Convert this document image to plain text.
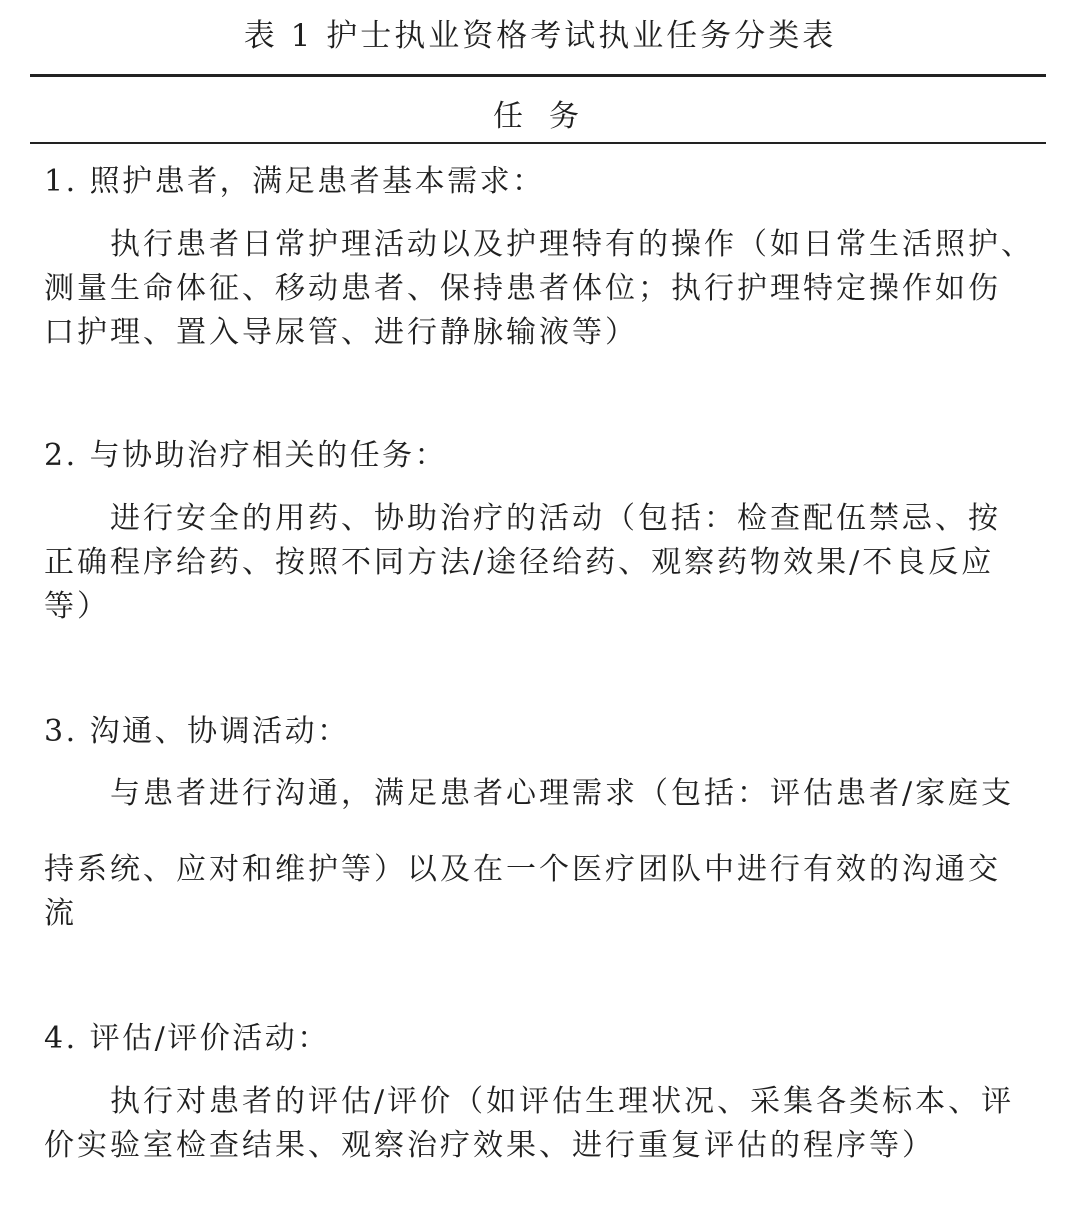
表 1 护士执业资格考试执业任务分类表
任务
1. 照护患者，满足患者基本需求：
执行患者日常护理活动以及护理特有的操作（如日常生活照护、
测量生命体征、移动患者、保持患者体位；执行护理特定操作如伤
口护理、置入导尿管、进行静脉输液等）
2. 与协助治疗相关的任务：
进行安全的用药、协助治疗的活动（包括：检查配伍禁忌、按
正确程序给药、按照不同方法/途径给药、观察药物效果/不良反应
等）
3. 沟通、协调活动：
与患者进行沟通，满足患者心理需求（包括：评估患者/家庭支
持系统、应对和维护等）以及在一个医疗团队中进行有效的沟通交
流
4. 评估/评价活动：
执行对患者的评估/评价（如评估生理状况、采集各类标本、评
价实验室检查结果、观察治疗效果、进行重复评估的程序等）
